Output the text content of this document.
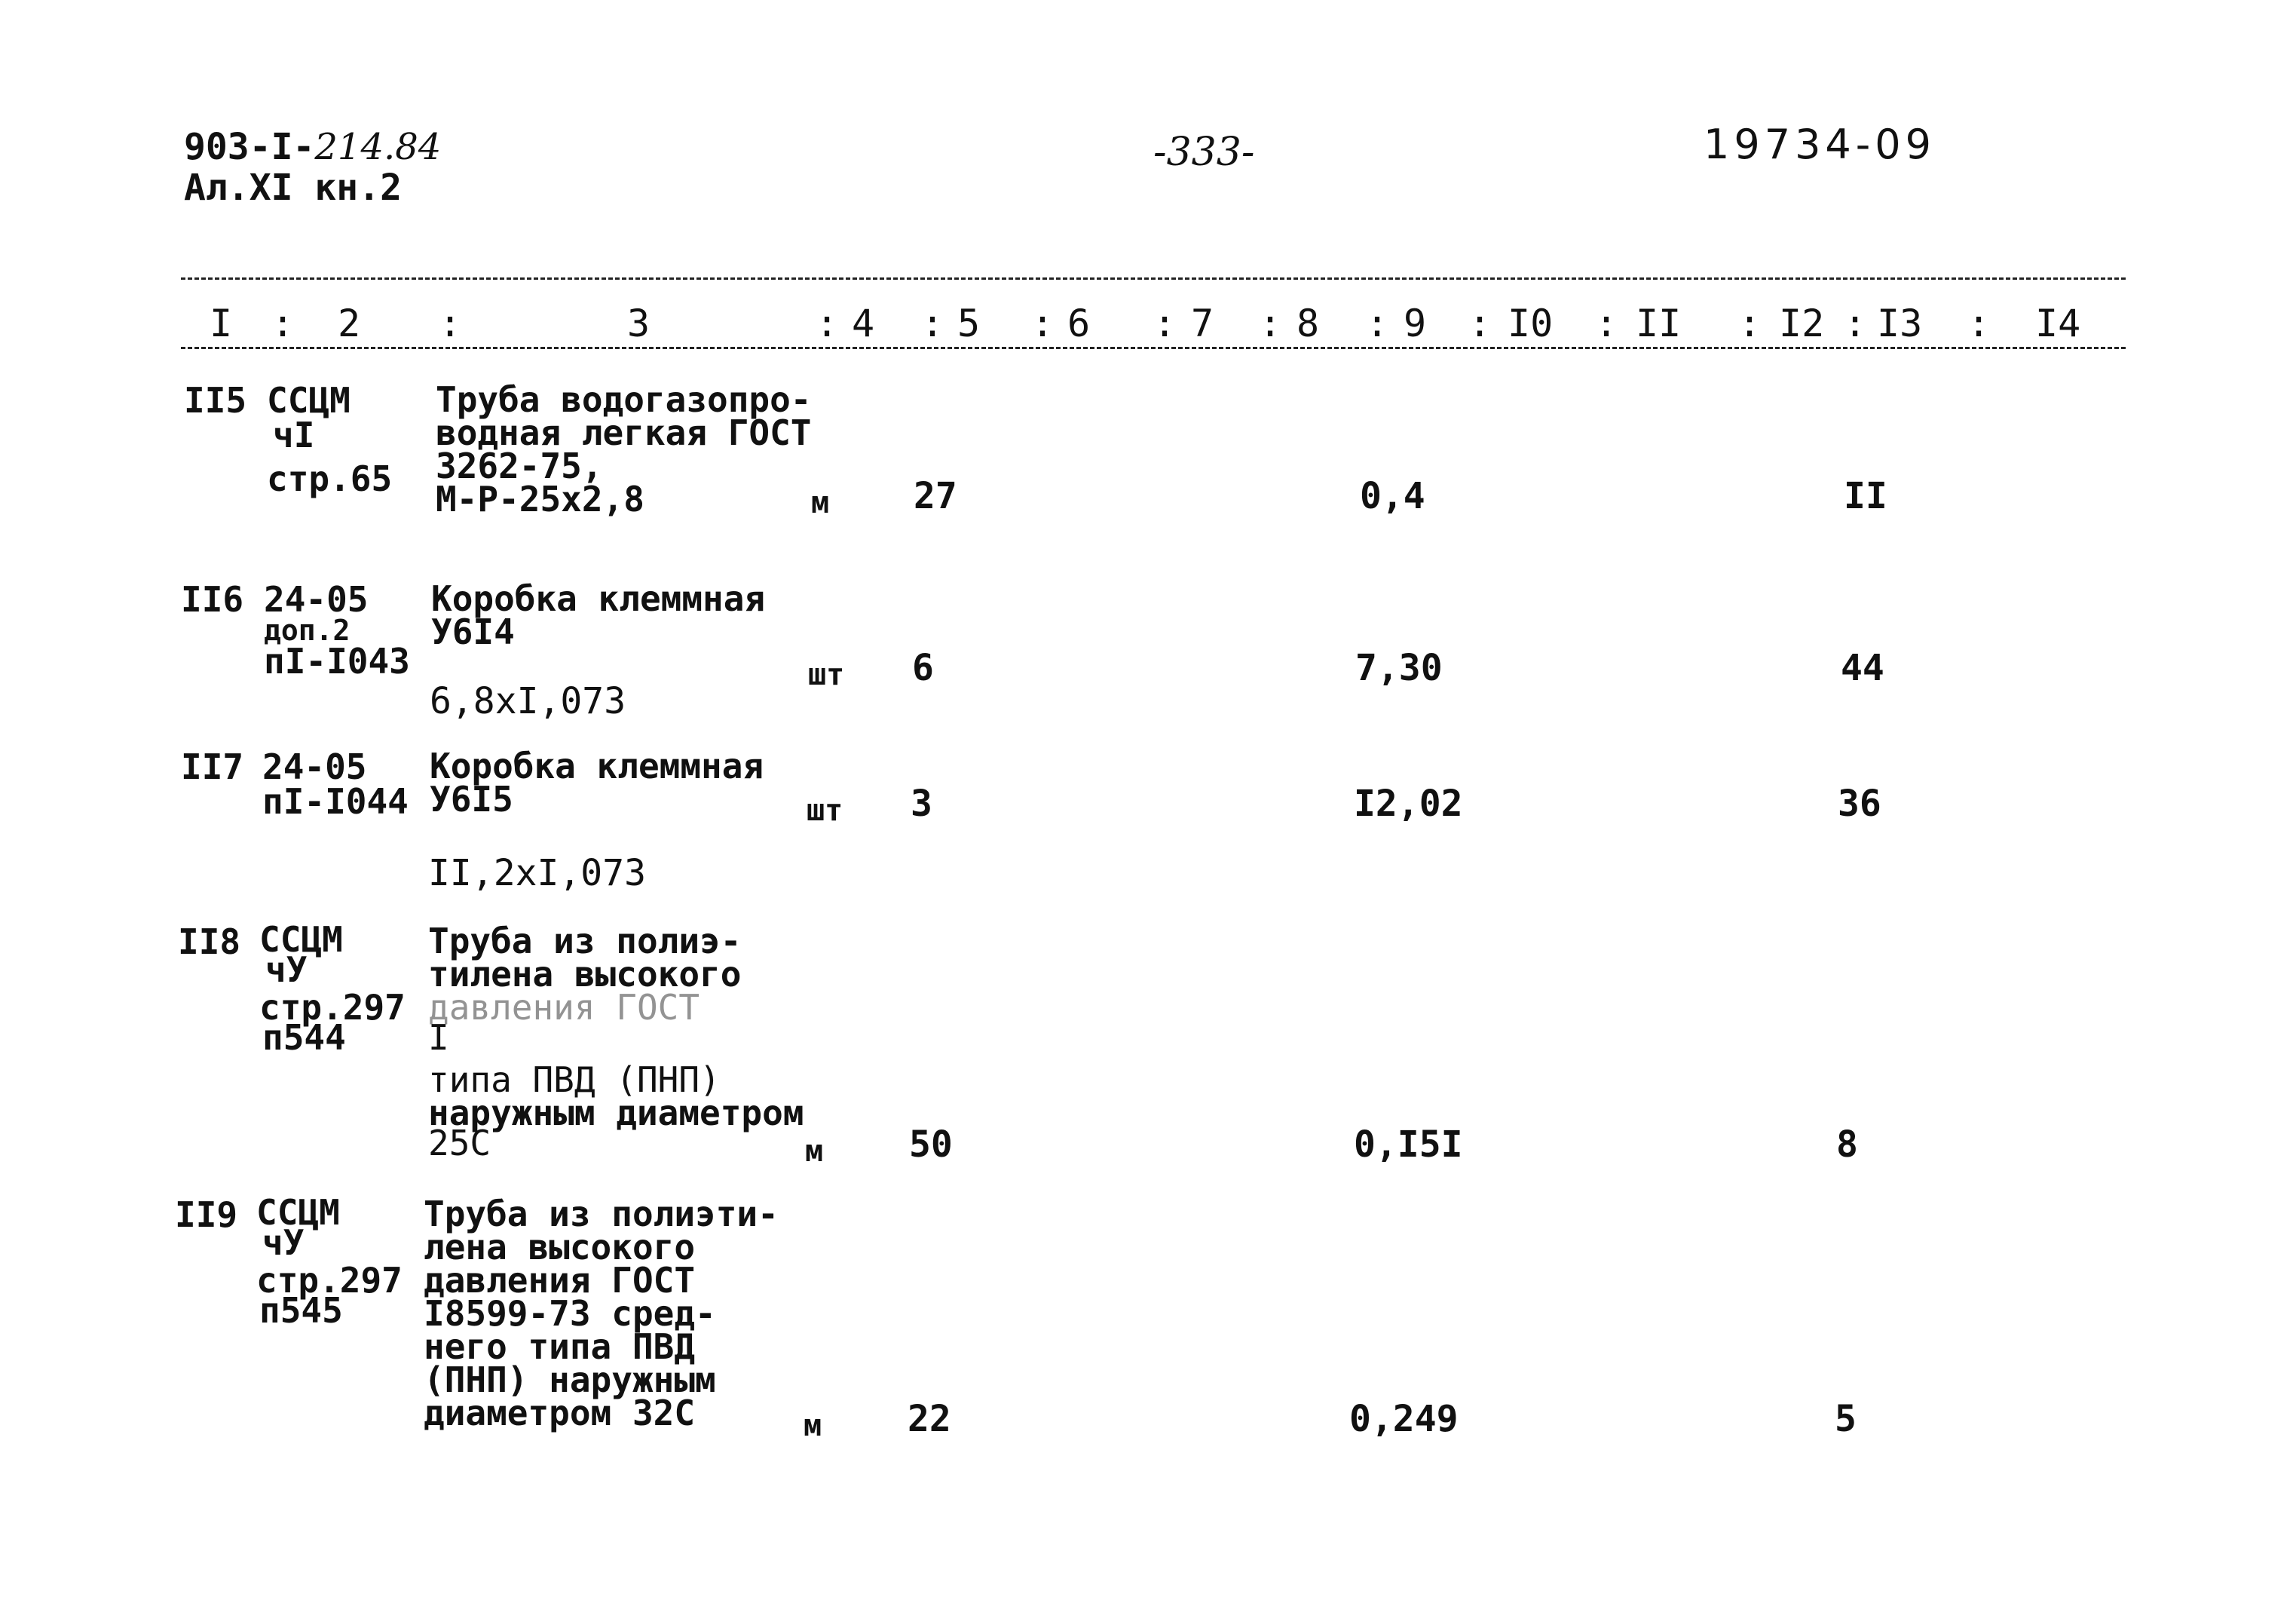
903-I-214.84
Ал.XI кн.2
-333-	19734-09
I : 2 :	3	: 4 : 5 : 6 : 7 : 8 : 9 : I0 : II : I2 : I3 : I4
II5 ССЦМ
чI
стр.65
Труба водогазопро-
водная легкая ГОСТ
3262-75,
М-Р-25х2,8	м 27	0,4	II
II6 24-05
доп.2
пI-I043
Коробка клеммная
У6I4
6,8хI,073
шт 6	7,30	44
II7 24-05
пI-I044
Коробка клеммная
У6I5
II,2хI,073
шт 3	I2,02	36
II8 ССЦМ
чУ
стр.297
п544
Труба из полиэ-
тилена высокого
давления ГОСТ
I
типа ПВД (ПНП)
наружным диаметром
25С	м 50	0,I5I	8
II9 ССЦМ
чУ
стр.297
п545
Труба из полиэти-
лена высокого
давления ГОСТ
I8599-73 сред-
него типа ПВД
(ПНП) наружным
диаметром 32С	м 22	0,249	5
